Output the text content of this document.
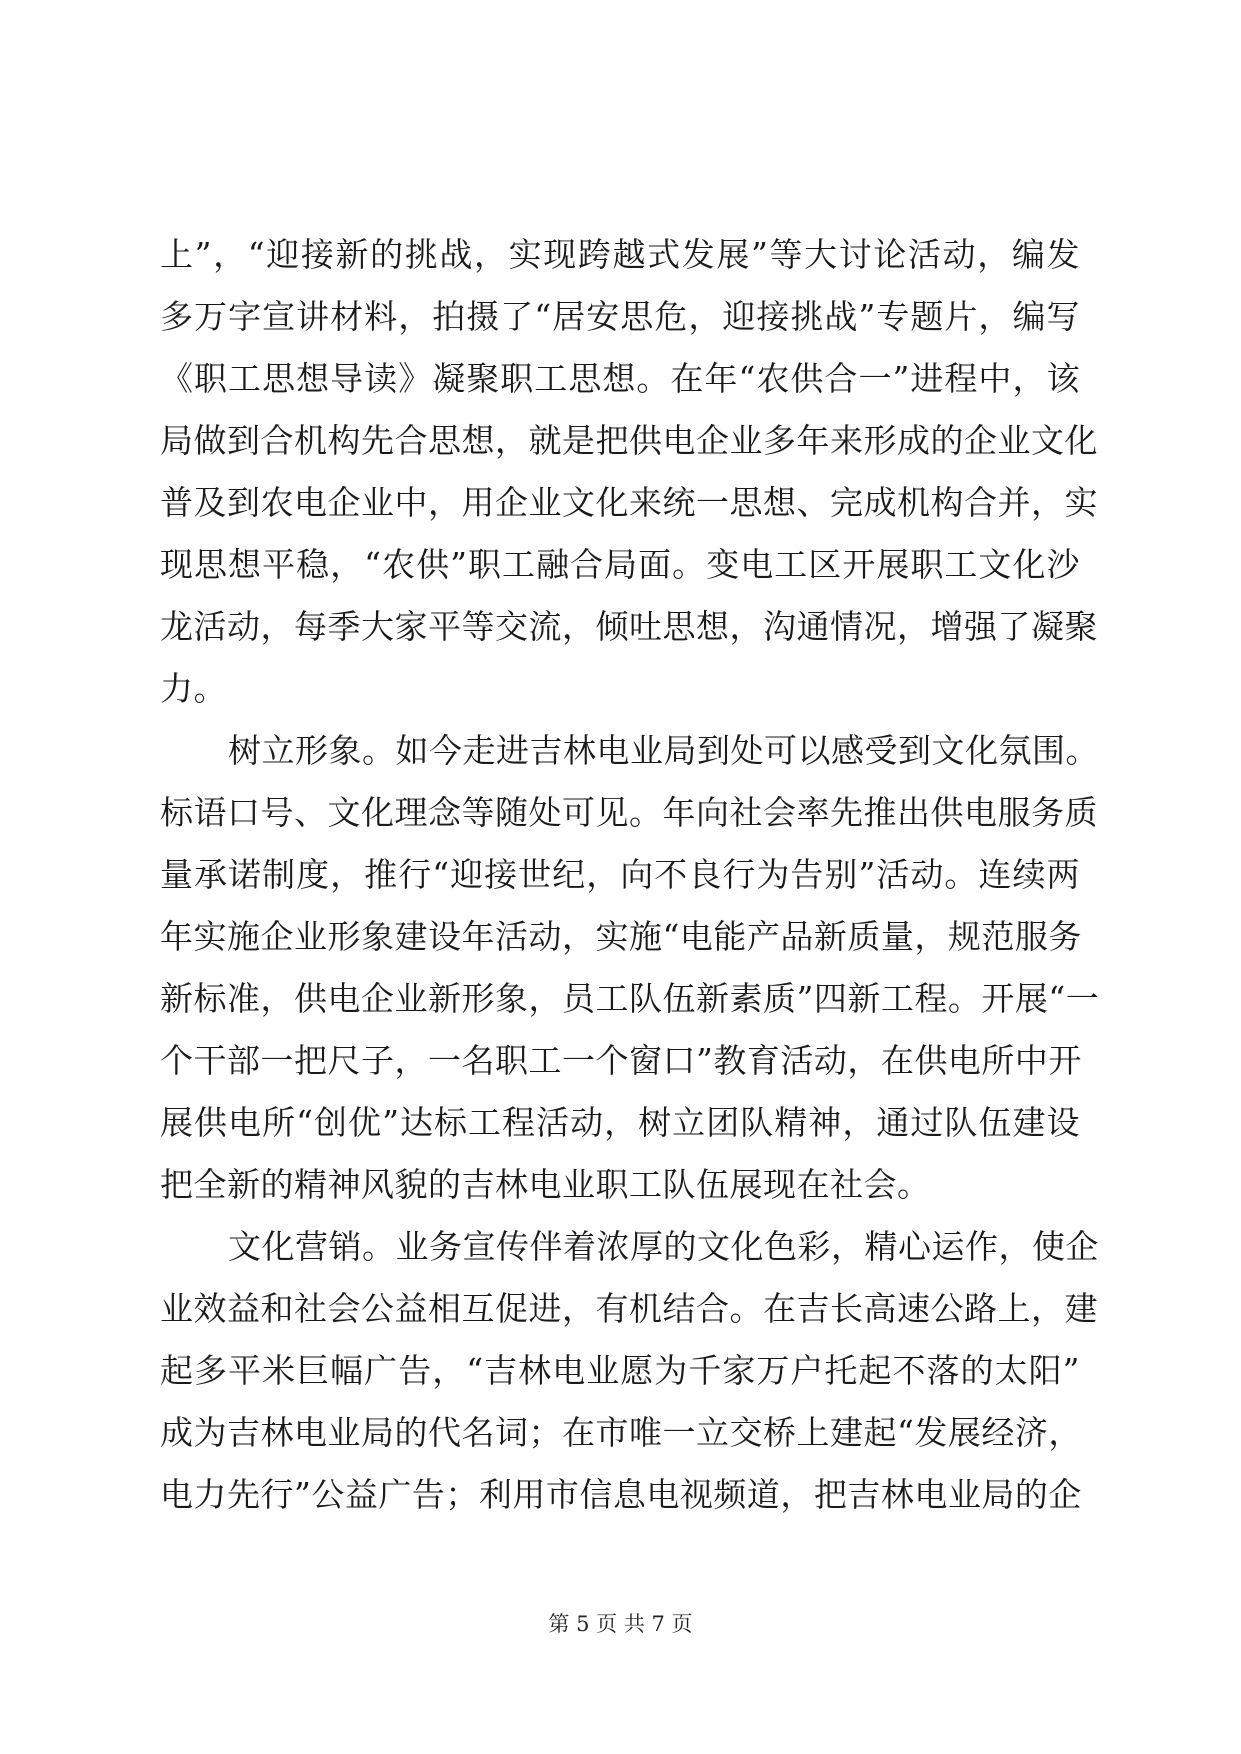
上”，“迎接新的挑战，实现跨越式发展”等大讨论活动，编发
多万字宣讲材料，拍摄了“居安思危，迎接挑战”专题片，编写
《职工思想导读》凝聚职工思想。在年“农供合一”进程中，该
局做到合机构先合思想，就是把供电企业多年来形成的企业文化
普及到农电企业中，用企业文化来统一思想、完成机构合并，实
现思想平稳，“农供”职工融合局面。变电工区开展职工文化沙
龙活动，每季大家平等交流，倾吐思想，沟通情况，增强了凝聚
力。
树立形象。如今走进吉林电业局到处可以感受到文化氛围。
标语口号、文化理念等随处可见。年向社会率先推出供电服务质
量承诺制度，推行“迎接世纪，向不良行为告别”活动。连续两
年实施企业形象建设年活动，实施“电能产品新质量，规范服务
新标准，供电企业新形象，员工队伍新素质”四新工程。开展“一
个干部一把尺子，一名职工一个窗口”教育活动，在供电所中开
展供电所“创优”达标工程活动，树立团队精神，通过队伍建设
把全新的精神风貌的吉林电业职工队伍展现在社会。
文化营销。业务宣传伴着浓厚的文化色彩，精心运作，使企
业效益和社会公益相互促进，有机结合。在吉长高速公路上，建
起多平米巨幅广告，“吉林电业愿为千家万户托起不落的太阳”
成为吉林电业局的代名词；在市唯一立交桥上建起“发展经济，
电力先行”公益广告；利用市信息电视频道，把吉林电业局的企
第 5 页 共 7 页
